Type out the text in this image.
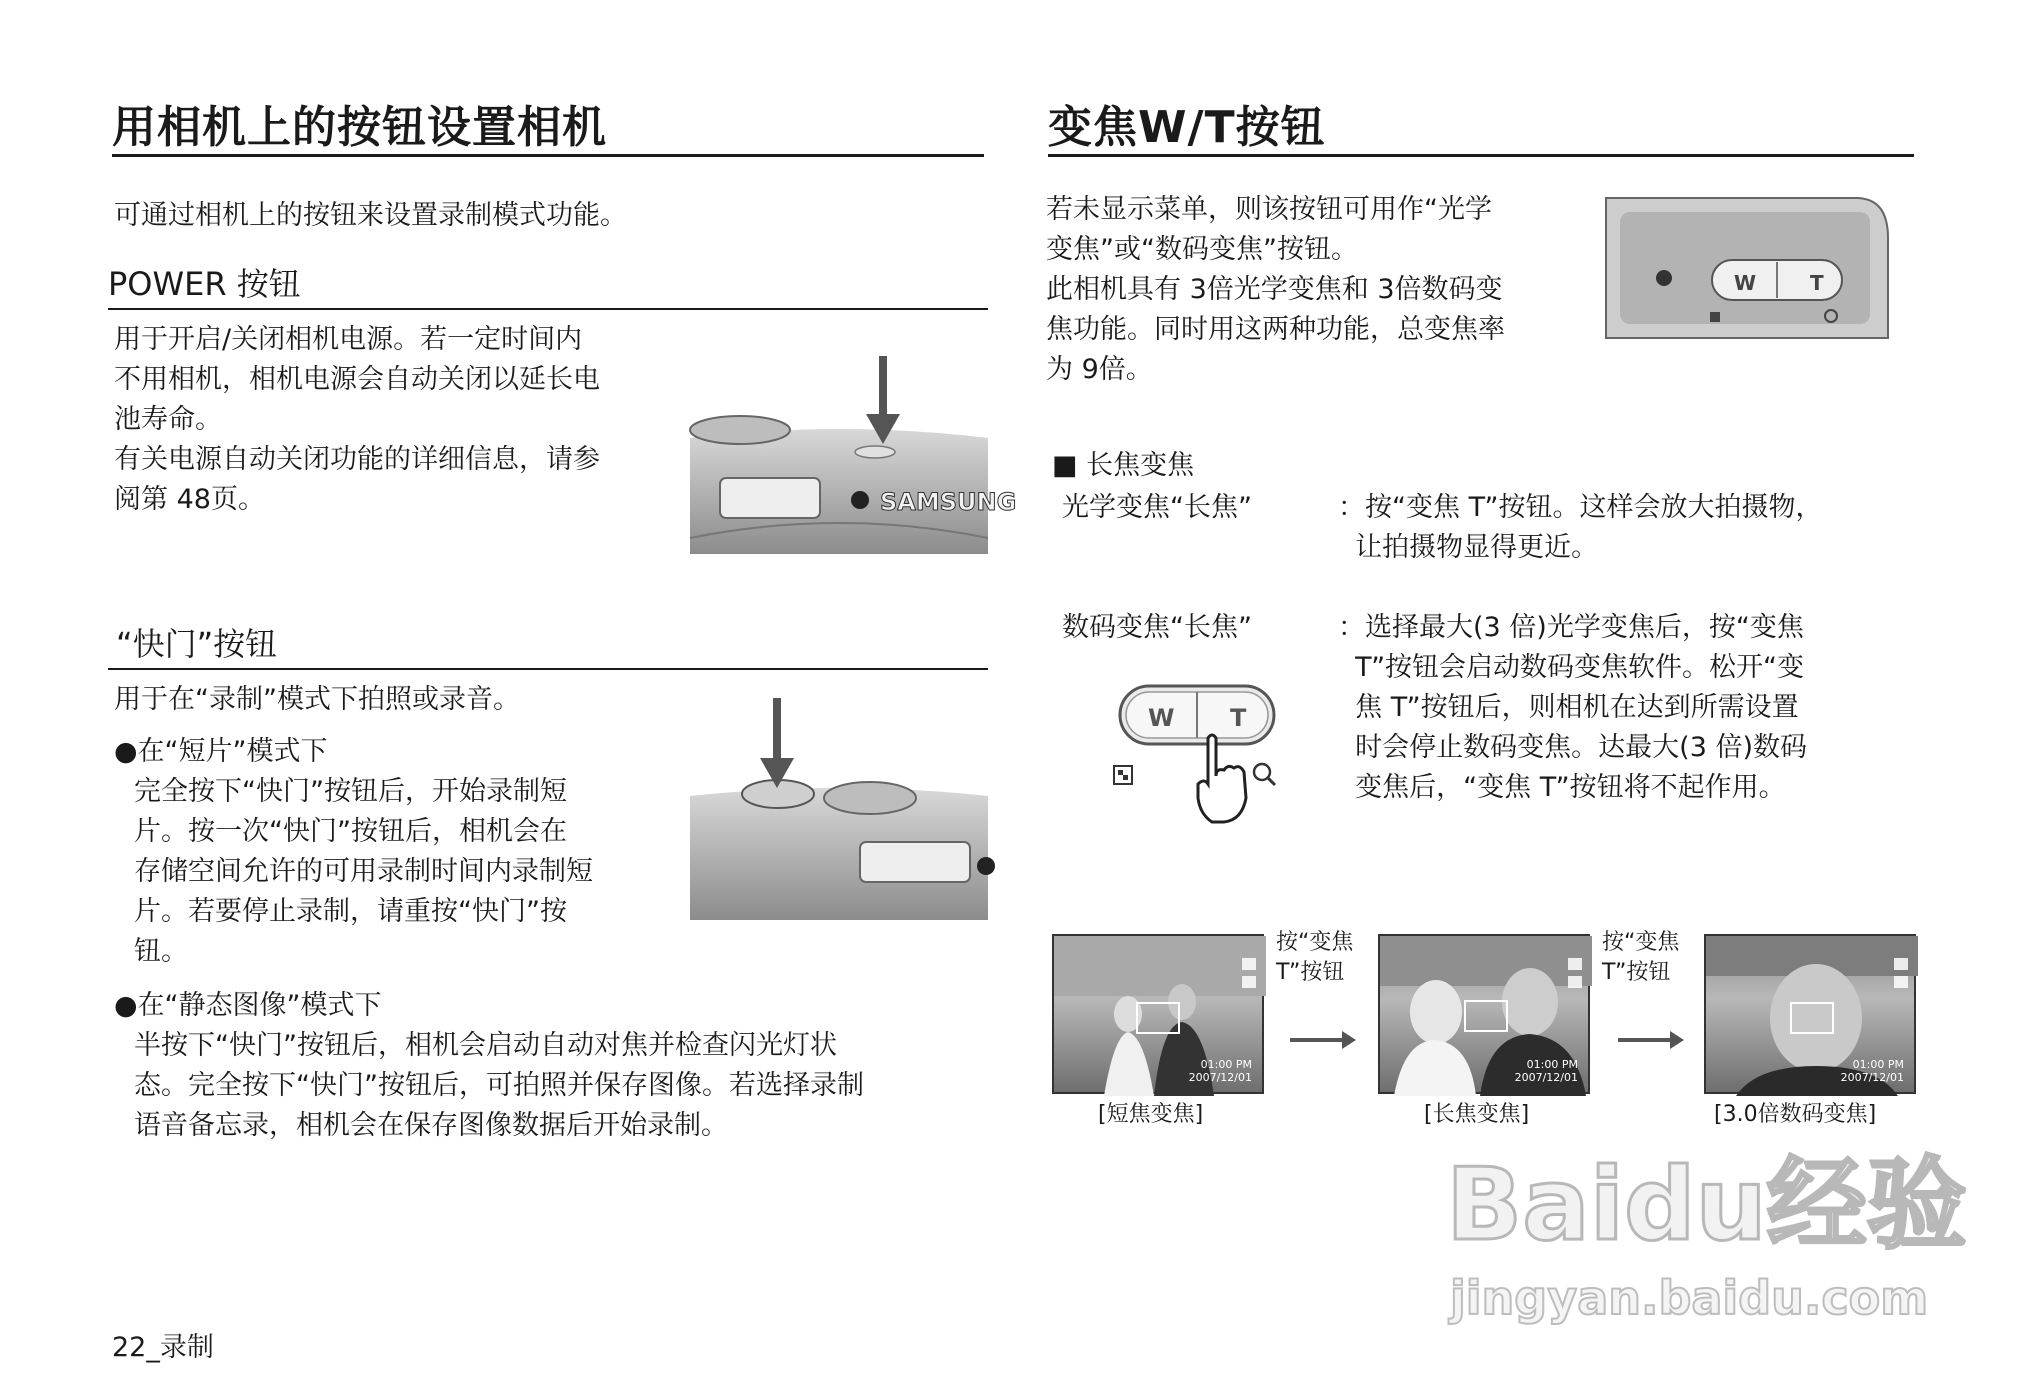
用相机上的按钮设置相机
可通过相机上的按钮来设置录制模式功能。
POWER 按钮
用于开启/关闭相机电源。若一定时间内
不用相机，相机电源会自动关闭以延长电
池寿命。
有关电源自动关闭功能的详细信息，请参
阅第 48页。	SAMSUNG
“快门”按钮
用于在“录制”模式下拍照或录音。
●在“短片”模式下
完全按下“快门”按钮后，开始录制短
片。按一次“快门”按钮后，相机会在
存储空间允许的可用录制时间内录制短
片。若要停止录制，请重按“快门”按
钮。
●在“静态图像”模式下
半按下“快门”按钮后，相机会启动自动对焦并检查闪光灯状
态。完全按下“快门”按钮后，可拍照并保存图像。若选择录制
语音备忘录，相机会在保存图像数据后开始录制。
22_录制
变焦W/T按钮
若未显示菜单，则该按钮可用作“光学
变焦”或“数码变焦”按钮。
此相机具有 3倍光学变焦和 3倍数码变
焦功能。同时用这两种功能，总变焦率
为 9倍。
W	T
■ 长焦变焦
光学变焦“长焦”	：按“变焦 T”按钮。这样会放大拍摄物，
让拍摄物显得更近。
数码变焦“长焦”	：选择最大(3 倍)光学变焦后，按“变焦
T”按钮会启动数码变焦软件。松开“变
焦 T”按钮后，则相机在达到所需设置
时会停止数码变焦。达最大(3 倍)数码
变焦后，“变焦 T”按钮将不起作用。
W T
01:00 PM
2007/12/01
[短焦变焦]
按“变焦
T”按钮
01:00 PM
2007/12/01
[长焦变焦]
按“变焦
T”按钮
01:00 PM
2007/12/01
[3.0倍数码变焦]
Baidu经验
jingyan.baidu.com
